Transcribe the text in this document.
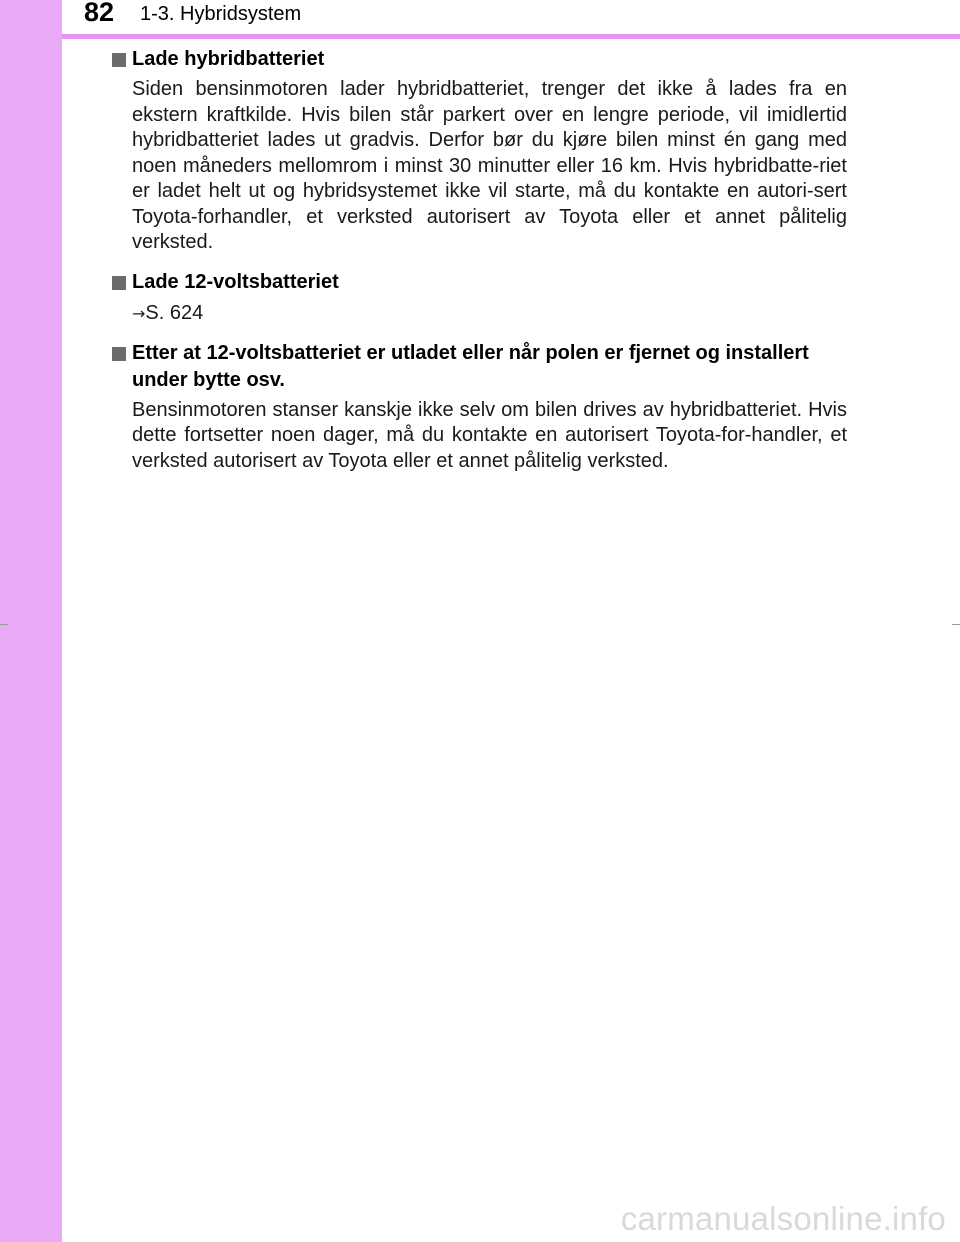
82 1-3. Hybridsystem
Lade hybridbatteriet
Siden bensinmotoren lader hybridbatteriet, trenger det ikke å lades fra en ekstern kraftkilde. Hvis bilen står parkert over en lengre periode, vil imidlertid hybridbatteriet lades ut gradvis. Derfor bør du kjøre bilen minst én gang med noen måneders mellomrom i minst 30 minutter eller 16 km. Hvis hybridbatte-riet er ladet helt ut og hybridsystemet ikke vil starte, må du kontakte en autori-sert Toyota-forhandler, et verksted autorisert av Toyota eller et annet pålitelig verksted.
Lade 12-voltsbatteriet
→S. 624
Etter at 12-voltsbatteriet er utladet eller når polen er fjernet og installert under bytte osv.
Bensinmotoren stanser kanskje ikke selv om bilen drives av hybridbatteriet. Hvis dette fortsetter noen dager, må du kontakte en autorisert Toyota-for-handler, et verksted autorisert av Toyota eller et annet pålitelig verksted.
carmanualsonline.info
